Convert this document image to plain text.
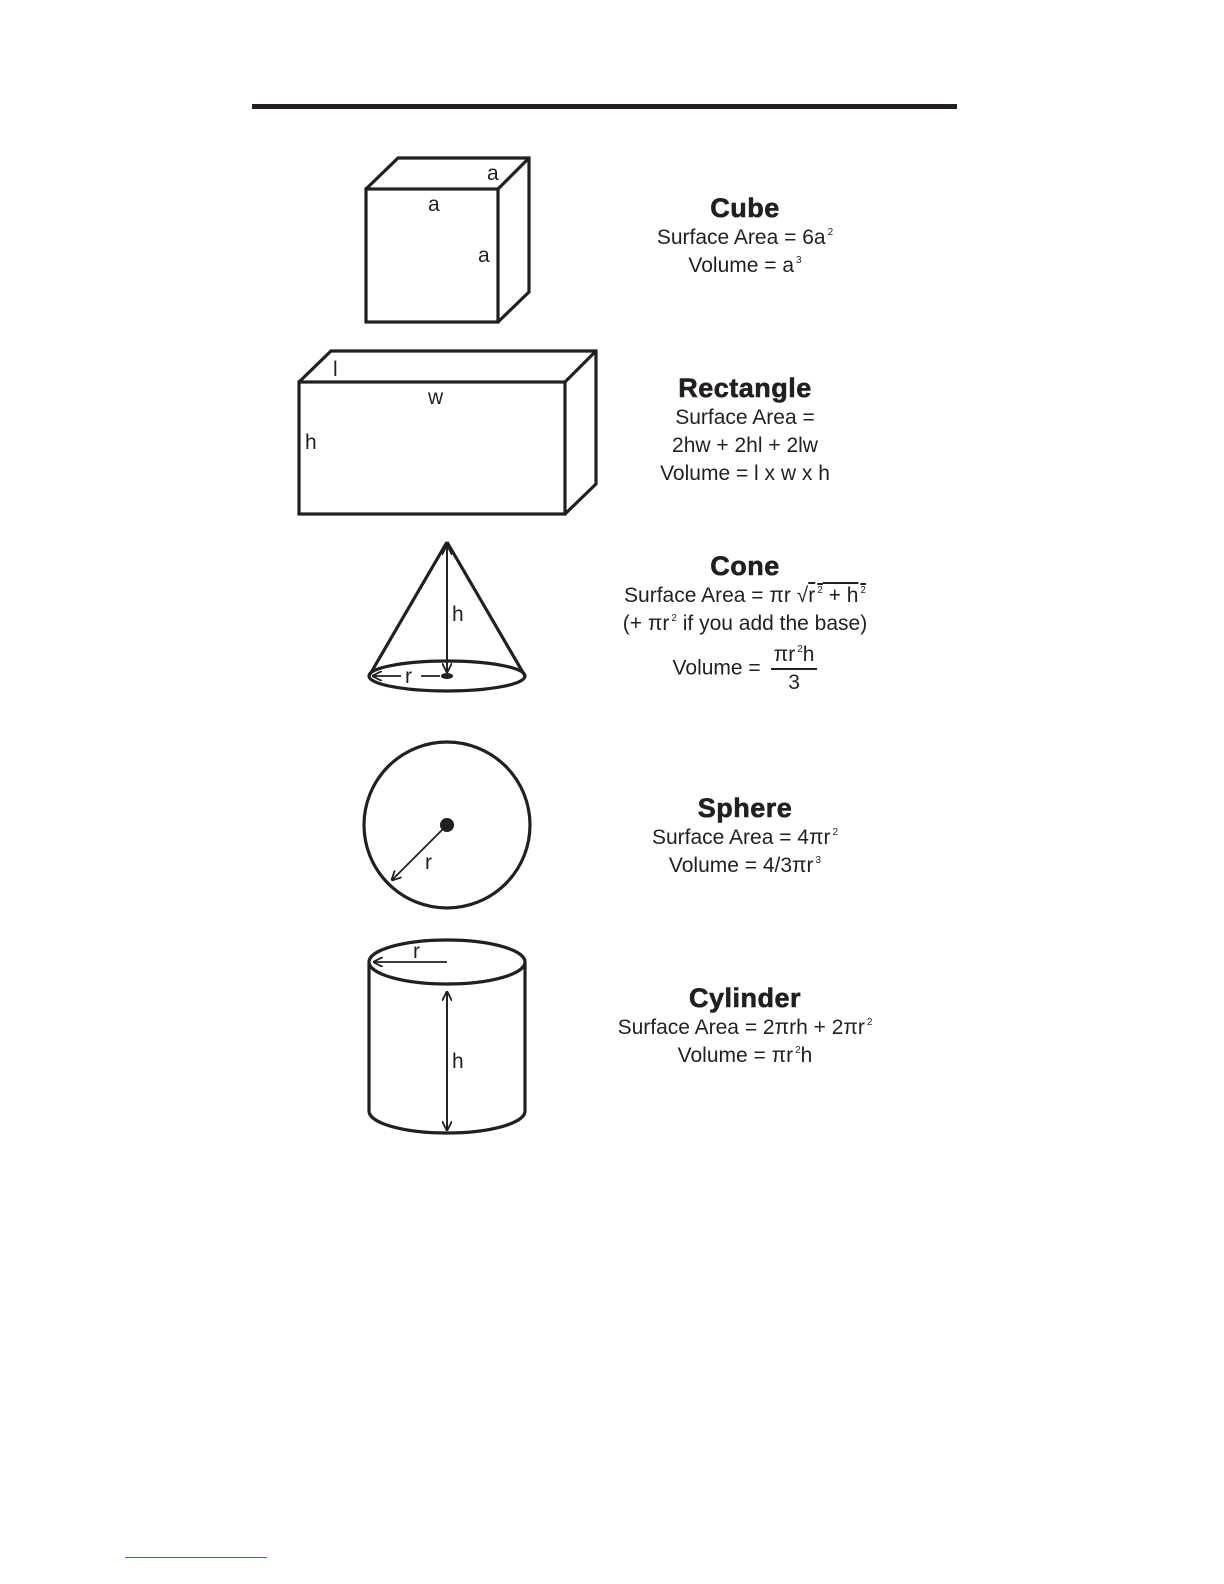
a
a
a
l
w
h
h
r
r
r
h
Cube
Surface Area = 6a $^2$
Volume = a $^3$
Rectangle
Surface Area =
2hw + 2hl + 2lw
Volume = l x w x h
Cone
Surface Area = πr √r $^2$ + h $^2$
(+ πr $^2$ if you add the base)
Volume = $\frac{\pi r ^2h}{3}$
Sphere
Surface Area = 4πr $^2$
Volume = 4/3πr $^3$
Cylinder
Surface Area = 2πrh + 2πr $^2$
Volume = πr $^2$h
